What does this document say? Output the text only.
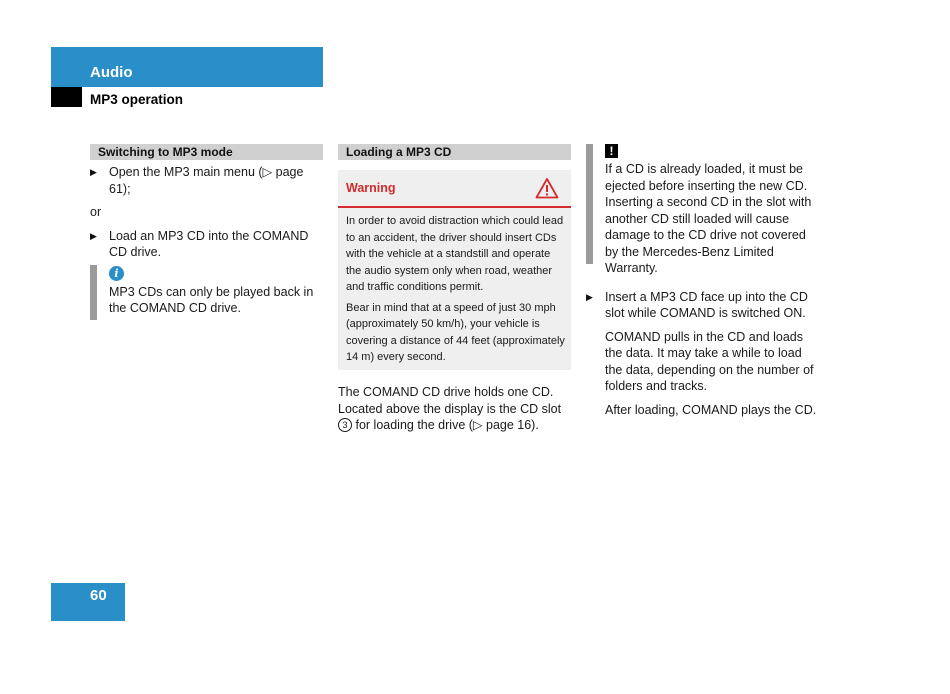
Audio
MP3 operation
Switching to MP3 mode
▶ Open the MP3 main menu (▷ page 61);
or
▶ Load an MP3 CD into the COMAND CD drive.
i
MP3 CDs can only be played back in the COMAND CD drive.
Loading a MP3 CD
Warning

In order to avoid distraction which could lead to an accident, the driver should insert CDs with the vehicle at a standstill and operate the audio system only when road, weather and traffic conditions permit.

Bear in mind that at a speed of just 30 mph (approximately 50 km/h), your vehicle is covering a distance of 44 feet (approximately 14 m) every second.

The COMAND CD drive holds one CD. Located above the display is the CD slot 3 for loading the drive (▷ page 16).

!
If a CD is already loaded, it must be ejected before inserting the new CD. Inserting a second CD in the slot with another CD still loaded will cause damage to the CD drive not covered by the Mercedes-Benz Limited Warranty.
▶ Insert a MP3 CD face up into the CD slot while COMAND is switched ON.
COMAND pulls in the CD and loads the data. It may take a while to load the data, depending on the number of folders and tracks.
After loading, COMAND plays the CD.
60
